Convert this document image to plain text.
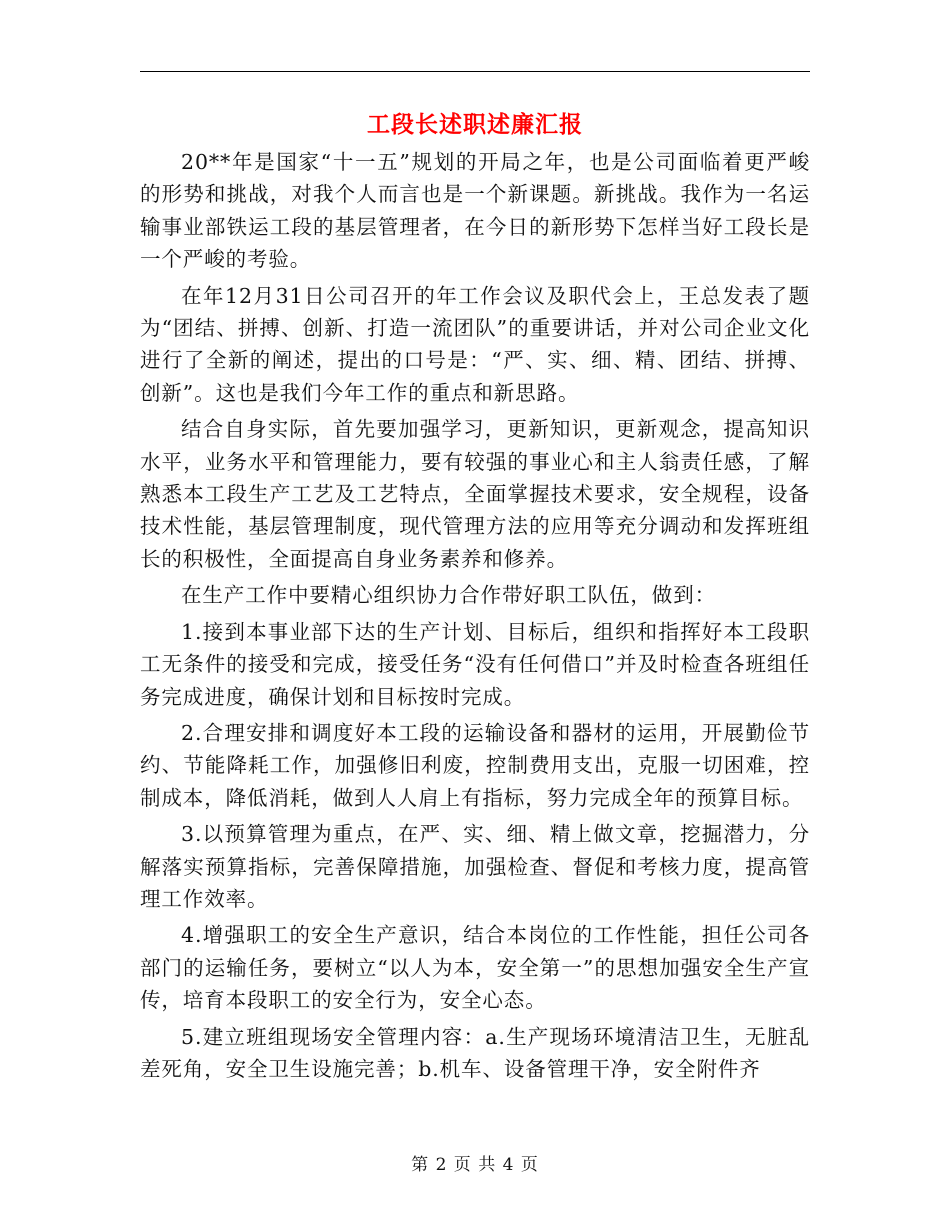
工段长述职述廉汇报

20**年是国家“十一五”规划的开局之年，也是公司面临着更严峻的形势和挑战，对我个人而言也是一个新课题。新挑战。我作为一名运输事业部铁运工段的基层管理者，在今日的新形势下怎样当好工段长是一个严峻的考验。

在年12月31日公司召开的年工作会议及职代会上，王总发表了题为“团结、拼搏、创新、打造一流团队”的重要讲话，并对公司企业文化进行了全新的阐述，提出的口号是：“严、实、细、精、团结、拼搏、创新”。这也是我们今年工作的重点和新思路。

结合自身实际，首先要加强学习，更新知识，更新观念，提高知识水平，业务水平和管理能力，要有较强的事业心和主人翁责任感，了解熟悉本工段生产工艺及工艺特点，全面掌握技术要求，安全规程，设备技术性能，基层管理制度，现代管理方法的应用等充分调动和发挥班组长的积极性，全面提高自身业务素养和修养。

在生产工作中要精心组织协力合作带好职工队伍，做到：

1.接到本事业部下达的生产计划、目标后，组织和指挥好本工段职工无条件的接受和完成，接受任务“没有任何借口”并及时检查各班组任务完成进度，确保计划和目标按时完成。

2.合理安排和调度好本工段的运输设备和器材的运用，开展勤俭节约、节能降耗工作，加强修旧利废，控制费用支出，克服一切困难，控制成本，降低消耗，做到人人肩上有指标，努力完成全年的预算目标。

3.以预算管理为重点，在严、实、细、精上做文章，挖掘潜力，分解落实预算指标，完善保障措施，加强检查、督促和考核力度，提高管理工作效率。

4.增强职工的安全生产意识，结合本岗位的工作性能，担任公司各部门的运输任务，要树立“以人为本，安全第一”的思想加强安全生产宣传，培育本段职工的安全行为，安全心态。

5.建立班组现场安全管理内容：a.生产现场环境清洁卫生，无脏乱差死角，安全卫生设施完善；b.机车、设备管理干净，安全附件齐

第 2 页 共 4 页
